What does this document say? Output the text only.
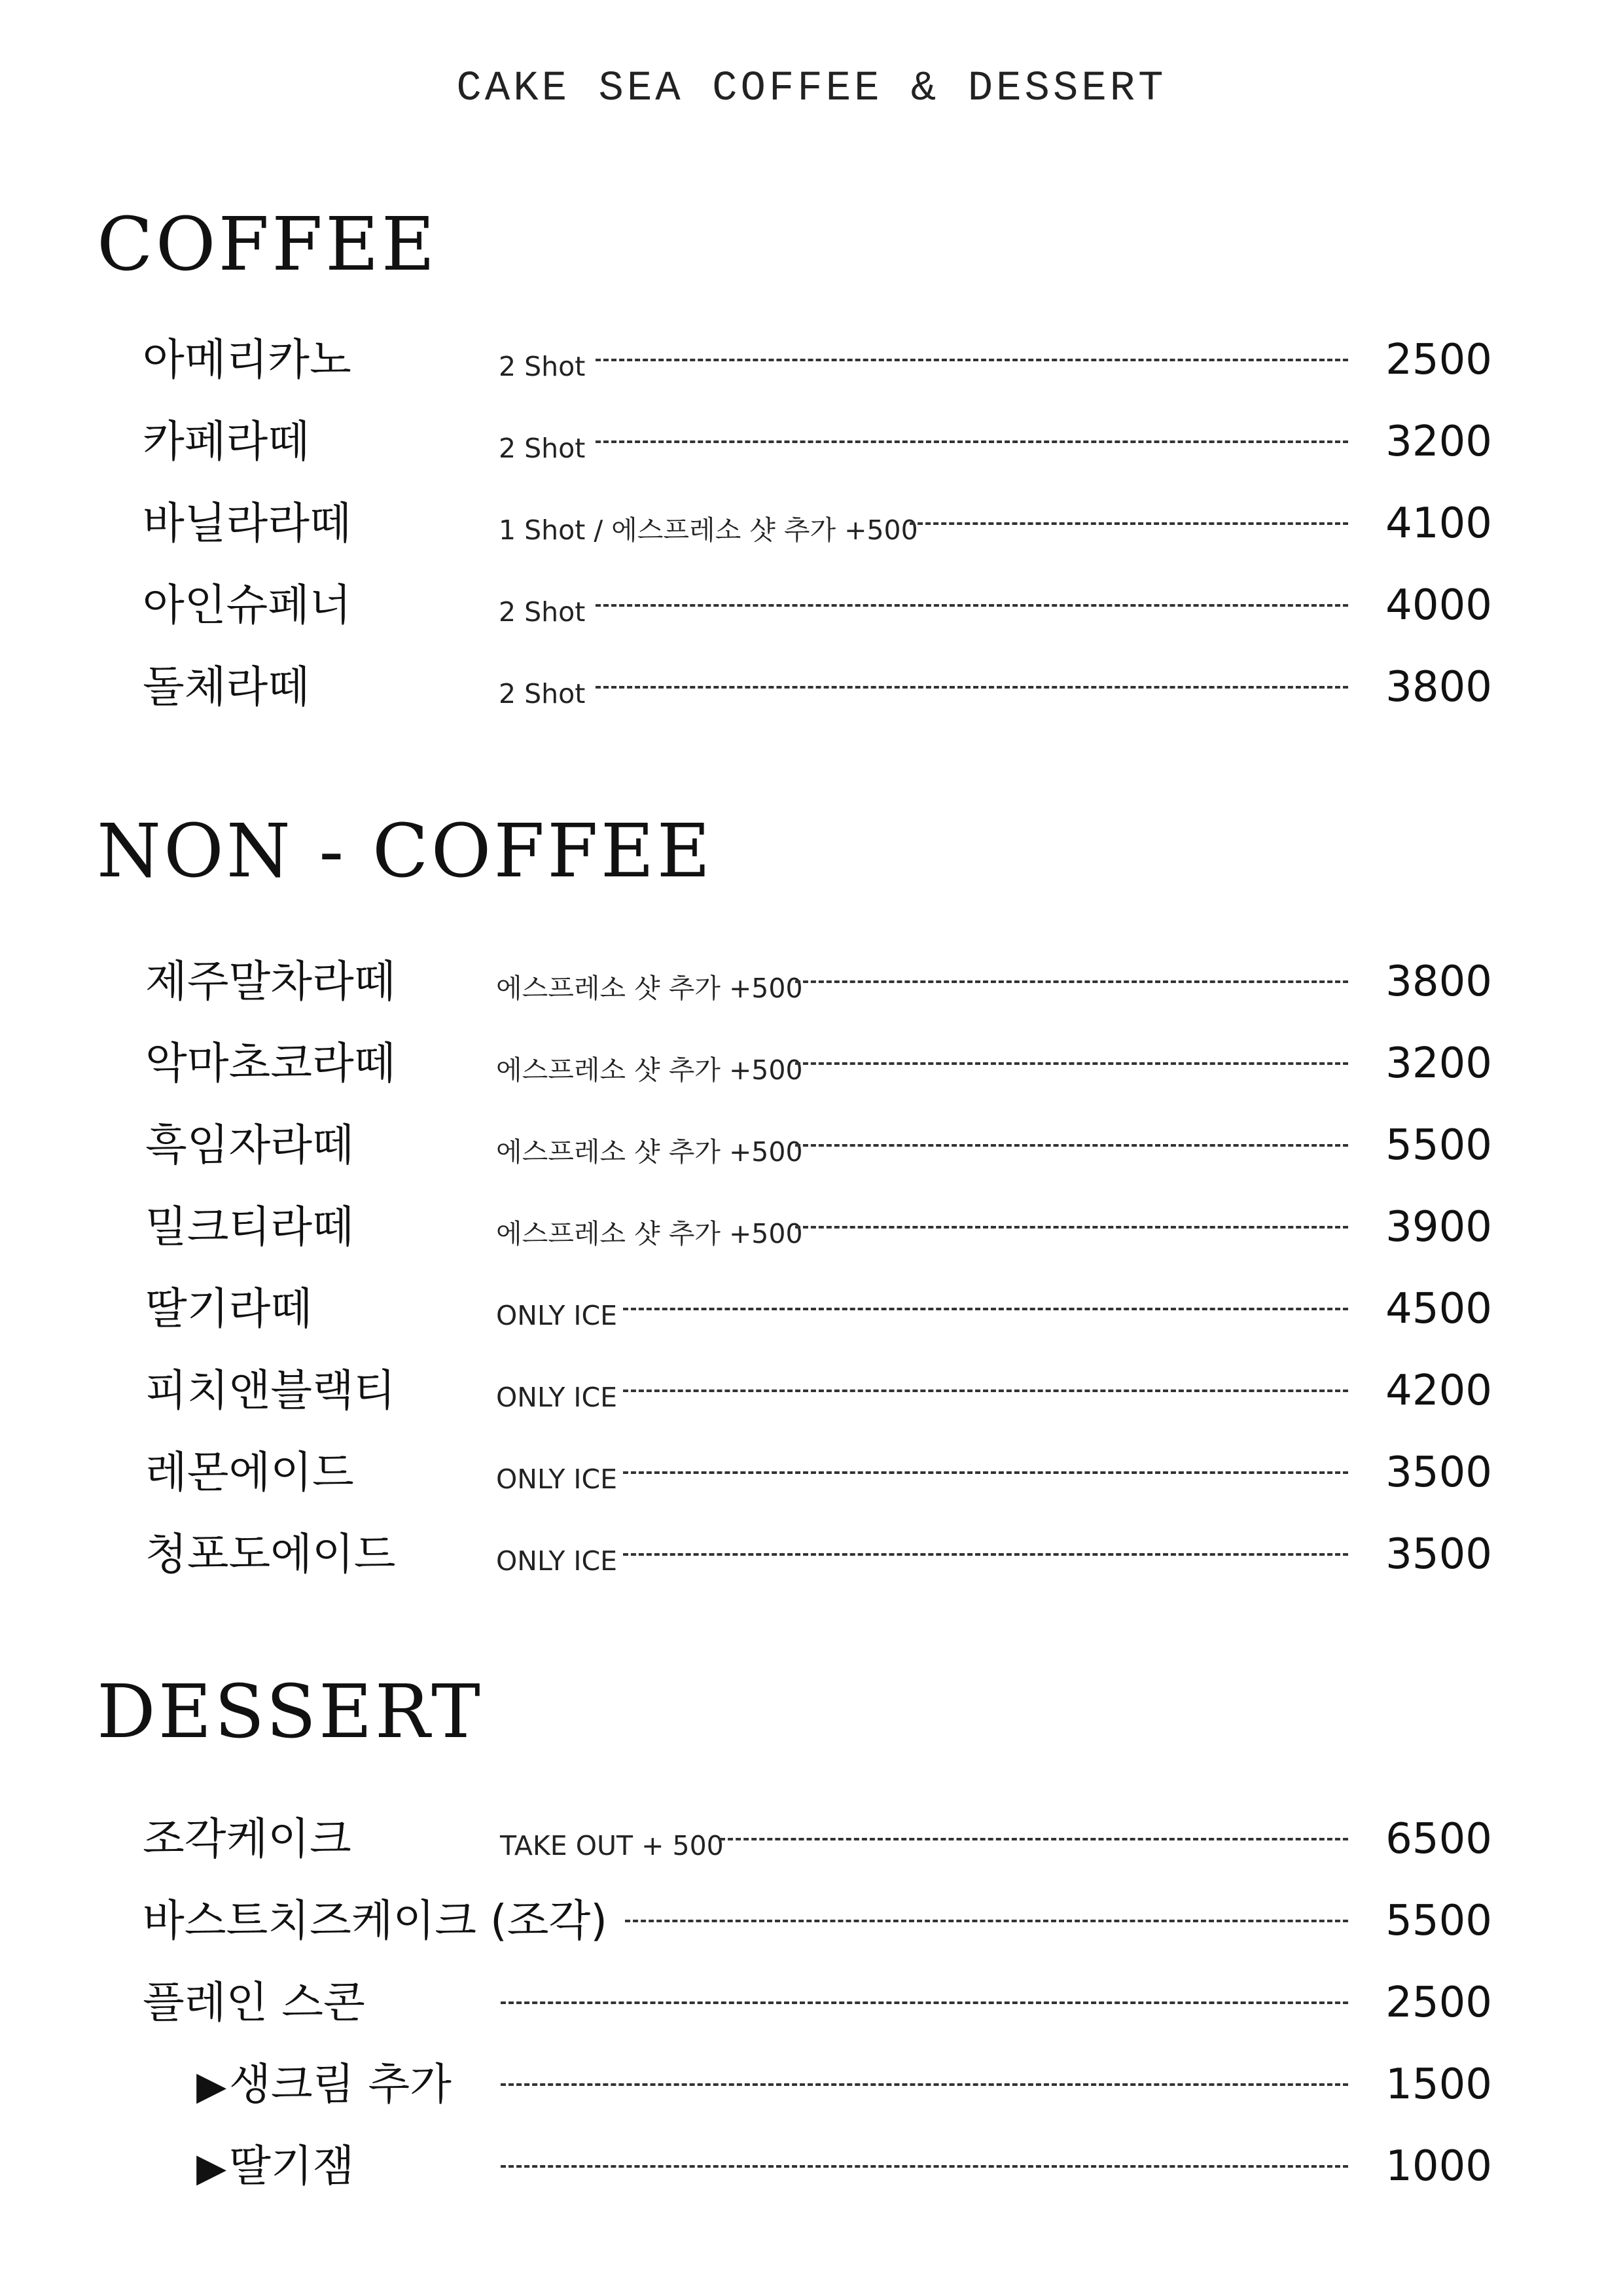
CAKE SEA COFFEE & DESSERT
COFFEE
아메리카노	2 Shot	2500
카페라떼	2 Shot	3200
바닐라라떼	1 Shot / 에스프레소 샷 추가 +500	4100
아인슈페너	2 Shot	4000
돌체라떼	2 Shot	3800
NON - COFFEE
제주말차라떼	에스프레소 샷 추가 +500	3800
악마초코라떼	에스프레소 샷 추가 +500	3200
흑임자라떼	에스프레소 샷 추가 +500	5500
밀크티라떼	에스프레소 샷 추가 +500	3900
딸기라떼	ONLY ICE	4500
피치앤블랙티	ONLY ICE	4200
레몬에이드	ONLY ICE	3500
청포도에이드	ONLY ICE	3500
DESSERT
조각케이크	TAKE OUT + 500	6500
바스트치즈케이크 (조각)	5500
플레인 스콘	2500
▶생크림 추가	1500
▶딸기잼	1000
